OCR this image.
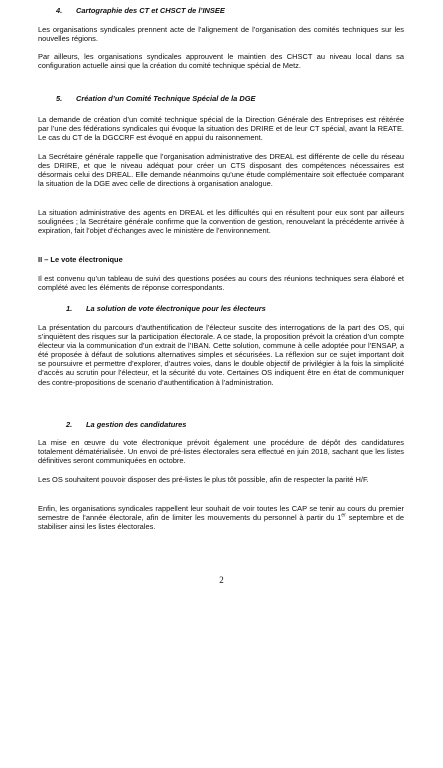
4. Cartographie des CT et CHSCT de l’INSEE

Les organisations syndicales prennent acte de l’alignement de l’organisation des comités techniques sur les nouvelles régions.

Par ailleurs, les organisations syndicales approuvent le maintien des CHSCT au niveau local dans sa configuration actuelle ainsi que la création du comité technique spécial de Metz.

5. Création d’un Comité Technique Spécial de la DGE

La demande de création d’un comité technique spécial de la Direction Générale des Entreprises est réitérée par l’une des fédérations syndicales qui évoque la situation des DRIRE et de leur CT spécial, avant la REATE. Le cas du CT de la DGCCRF est évoqué en appui du raisonnement.

La Secrétaire générale rappelle que l’organisation administrative des DREAL est différente de celle du réseau des DRIRE, et que le niveau adéquat pour créer un CTS disposant des compétences nécessaires est désormais celui des DREAL. Elle demande néanmoins qu’une étude complémentaire soit effectuée comparant la situation de la DGE avec celle de directions à organisation analogue.

La situation administrative des agents en DREAL et les difficultés qui en résultent pour eux sont par ailleurs soulignées ; la Secrétaire générale confirme que la convention de gestion, renouvelant la précédente arrivée à expiration, fait l’objet d’échanges avec le ministère de l’environnement.

II – Le vote électronique

Il est convenu qu’un tableau de suivi des questions posées au cours des réunions techniques sera élaboré et complété avec les éléments de réponse correspondants.

1. La solution de vote électronique pour les électeurs

La présentation du parcours d’authentification de l’électeur suscite des interrogations de la part des OS, qui s’inquiètent des risques sur la participation électorale. A ce stade, la proposition prévoit la création d’un compte électeur via la communication d’un extrait de l’IBAN. Cette solution, commune à celle adoptée pour l’ENSAP, a été proposée à défaut de solutions alternatives simples et sécurisées. La réflexion sur ce sujet important doit se poursuivre et permettre d’explorer, d’autres voies, dans le double objectif de privilégier à la fois la simplicité d’accès au scrutin pour l’électeur, et la sécurité du vote. Certaines OS indiquent être en état de communiquer des contre-propositions de scenario d’authentification à l’administration.

2. La gestion des candidatures

La mise en œuvre du vote électronique prévoit également une procédure de dépôt des candidatures totalement dématérialisée. Un envoi de pré-listes électorales sera effectué en juin 2018, sachant que les listes définitives seront communiquées en octobre.

Les OS souhaitent pouvoir disposer des pré-listes le plus tôt possible, afin de respecter la parité H/F.

Enfin, les organisations syndicales rappellent leur souhait de voir toutes les CAP se tenir au cours du premier semestre de l’année électorale, afin de limiter les mouvements du personnel à partir du 1er septembre et de stabiliser ainsi les listes électorales.

2
